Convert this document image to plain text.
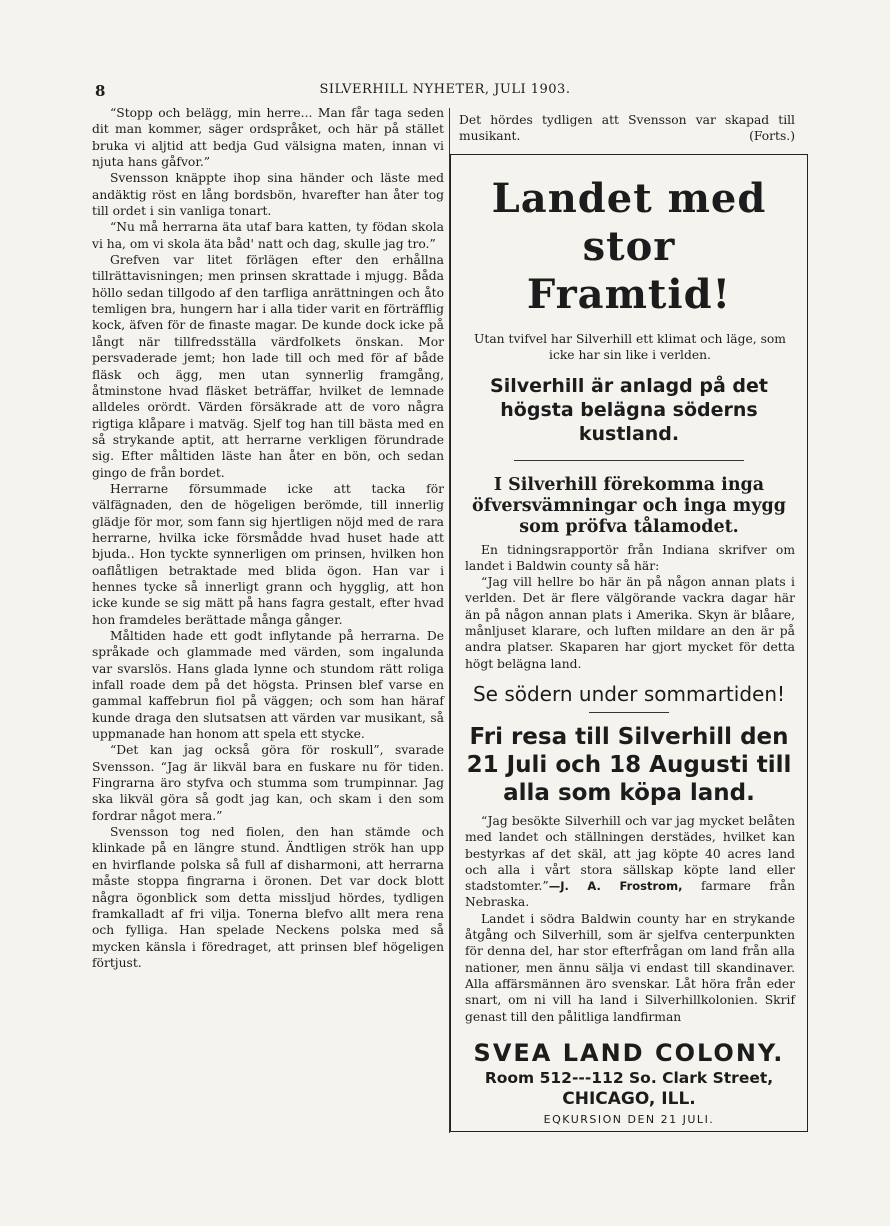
8	SILVERHILL NYHETER, JULI 1903.

“Stopp och belägg, min herre... Man får taga seden dit man kommer, säger ordspråket, och här på stället bruka vi aljtid att bedja Gud välsigna maten, innan vi njuta hans gåfvor.”

Svensson knäppte ihop sina händer och läste med andäktig röst en lång bordsbön, hvarefter han åter tog till ordet i sin vanliga tonart.

“Nu må herrarna äta utaf bara katten, ty födan skola vi ha, om vi skola äta båd' natt och dag, skulle jag tro.”

Grefven var litet förlägen efter den erhållna tillrättavisningen; men prinsen skrattade i mjugg. Båda höllo sedan tillgodo af den tarfliga anrättningen och åto temligen bra, hungern har i alla tider varit en förträfflig kock, äfven för de finaste magar. De kunde dock icke på långt när tillfredsställa värdfolkets önskan. Mor persvaderade jemt; hon lade till och med för af både fläsk och ägg, men utan synnerlig framgång, åtminstone hvad fläsket beträffar, hvilket de lemnade alldeles orördt. Värden försäkrade att de voro några rigtiga klåpare i matväg. Sjelf tog han till bästa med en så strykande aptit, att herrarne verkligen förundrade sig. Efter måltiden läste han åter en bön, och sedan gingo de från bordet.

Herrarne försummade icke att tacka för välfägnaden, den de högeligen berömde, till innerlig glädje för mor, som fann sig hjertligen nöjd med de rara herrarne, hvilka icke försmådde hvad huset hade att bjuda.. Hon tyckte synnerligen om prinsen, hvilken hon oaflåtligen betraktade med blida ögon. Han var i hennes tycke så innerligt grann och hygglig, att hon icke kunde se sig mätt på hans fagra gestalt, efter hvad hon framdeles berättade många gånger.

Måltiden hade ett godt inflytande på herrarna. De språkade och glammade med värden, som ingalunda var svarslös. Hans glada lynne och stundom rätt roliga infall roade dem på det högsta. Prinsen blef varse en gammal kaffebrun fiol på väggen; och som han häraf kunde draga den slutsatsen att värden var musikant, så uppmanade han honom att spela ett stycke.

“Det kan jag också göra för roskull”, svarade Svensson. “Jag är likväl bara en fuskare nu för tiden. Fingrarna äro styfva och stumma som trumpinnar. Jag ska likväl göra så godt jag kan, och skam i den som fordrar något mera.”

Svensson tog ned fiolen, den han stämde och klinkade på en längre stund. Ändtligen strök han upp en hvirflande polska så full af disharmoni, att herrarna måste stoppa fingrarna i öronen. Det var dock blott några ögonblick som detta missljud hördes, tydligen framkalladt af fri vilja. Tonerna blefvo allt mera rena och fylliga. Han spelade Neckens polska med så mycken känsla i föredraget, att prinsen blef högeligen förtjust.

Det hördes tydligen att Svensson var skapad till musikant.	(Forts.)
Landet med stor
Framtid!
Utan tvifvel har Silverhill ett klimat och läge, som icke har sin like i verlden.
Silverhill är anlagd på det högsta belägna söderns kustland.
I Silverhill förekomma inga öfversvämningar och inga mygg som pröfva tålamodet.

En tidningsrapportör från Indiana skrifver om landet i Baldwin county så här:

“Jag vill hellre bo här än på någon annan plats i verlden. Det är flere välgörande vackra dagar här än på någon annan plats i Amerika. Skyn är blåare, månljuset klarare, och luften mildare an den är på andra platser. Skaparen har gjort mycket för detta högt belägna land.

Se södern under sommartiden!
Fri resa till Silverhill den 21 Juli och 18 Augusti till alla som köpa land.

“Jag besökte Silverhill och var jag mycket belåten med landet och ställningen derstädes, hvilket kan bestyrkas af det skäl, att jag köpte 40 acres land och alla i vårt stora sällskap köpte land eller stadstomter.”—J. A. Frostrom, farmare från Nebraska.

Landet i södra Baldwin county har en strykande åtgång och Silverhill, som är sjelfva centerpunkten för denna del, har stor efterfrågan om land från alla nationer, men ännu sälja vi endast till skandinaver. Alla affärsmännen äro svenskar. Låt höra från eder snart, om ni vill ha land i Silverhillkolonien. Skrif genast till den pålitliga landfirman

SVEA LAND COLONY.
Room 512---112 So. Clark Street,
CHICAGO, ILL.
EQKURSION DEN 21 JULI.
